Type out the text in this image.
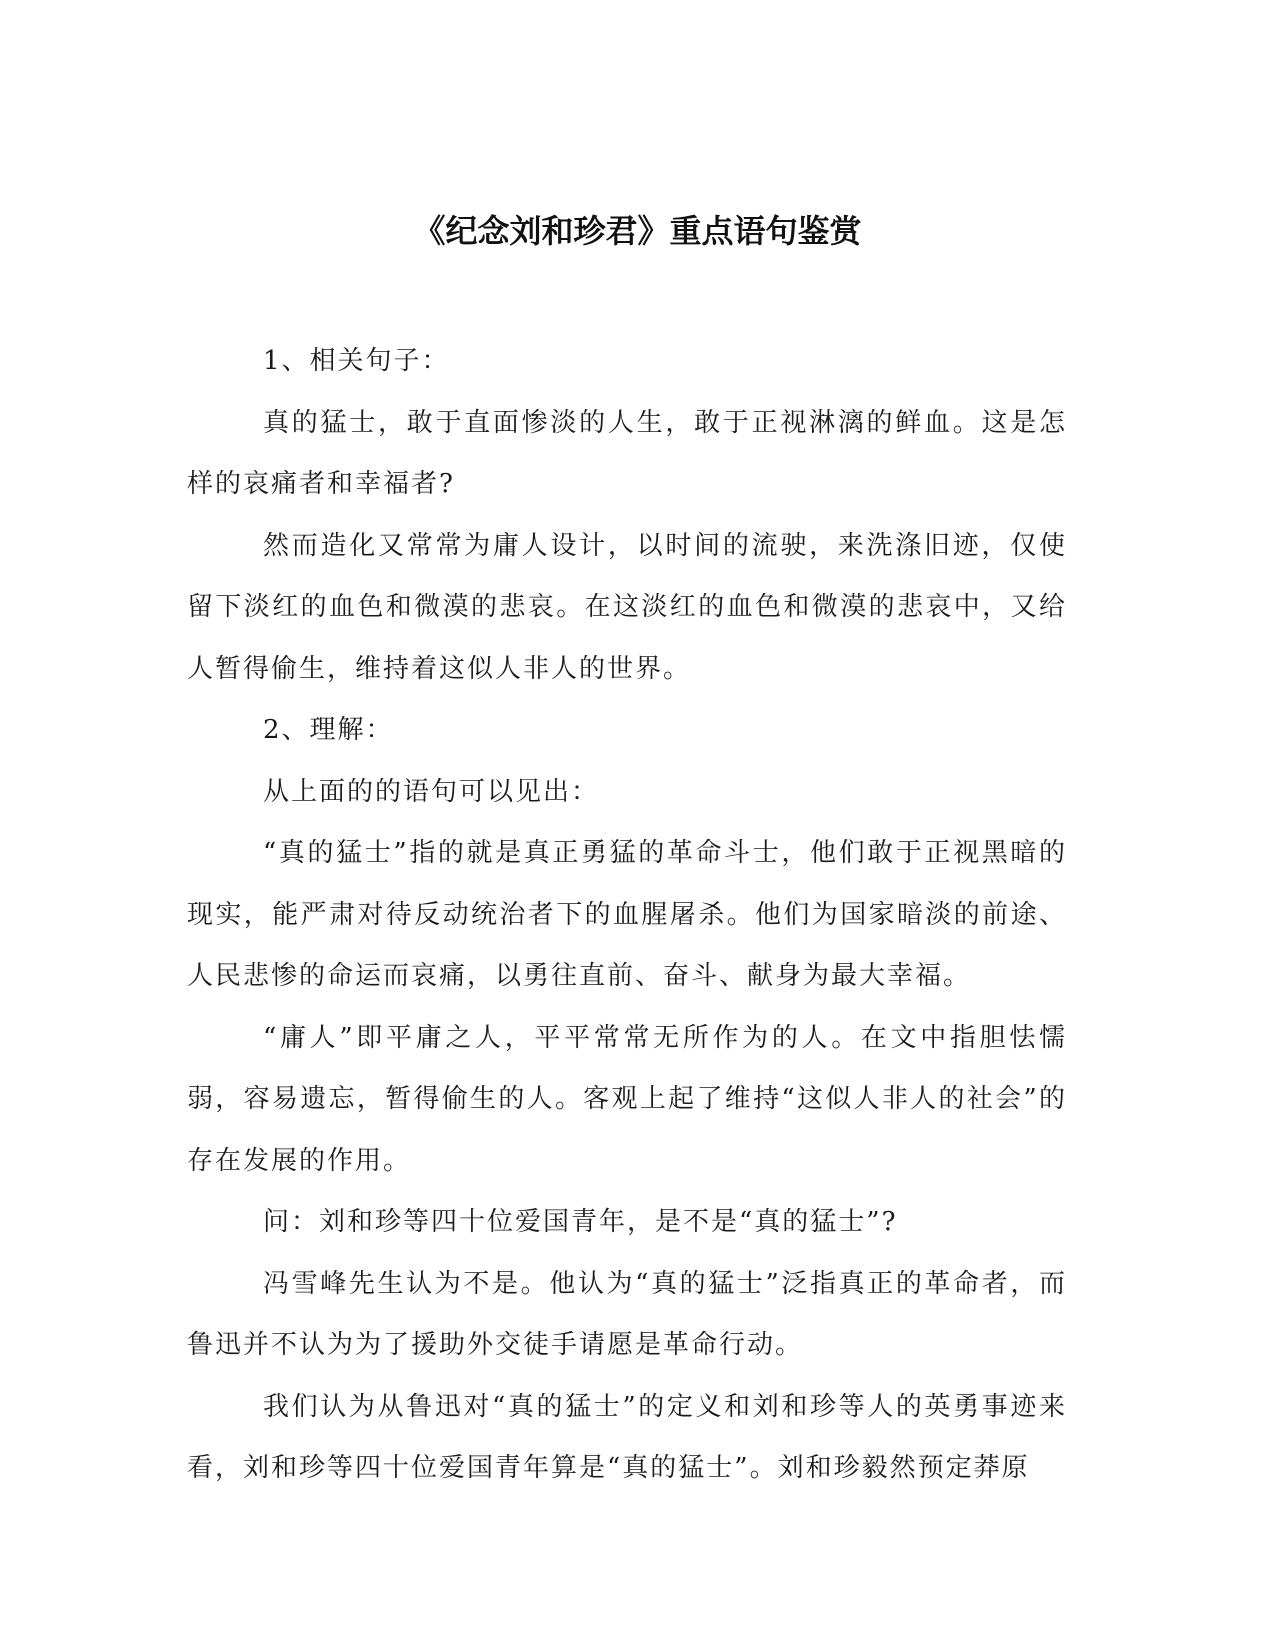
《纪念刘和珍君》重点语句鉴赏

1、相关句子：

真的猛士，敢于直面惨淡的人生，敢于正视淋漓的鲜血。这是怎样的哀痛者和幸福者?

然而造化又常常为庸人设计，以时间的流驶，来洗涤旧迹，仅使留下淡红的血色和微漠的悲哀。在这淡红的血色和微漠的悲哀中，又给人暂得偷生，维持着这似人非人的世界。

2、理解：

从上面的的语句可以见出：

“真的猛士”指的就是真正勇猛的革命斗士，他们敢于正视黑暗的现实，能严肃对待反动统治者下的血腥屠杀。他们为国家暗淡的前途、人民悲惨的命运而哀痛，以勇往直前、奋斗、献身为最大幸福。

“庸人”即平庸之人，平平常常无所作为的人。在文中指胆怯懦弱，容易遗忘，暂得偷生的人。客观上起了维持“这似人非人的社会”的存在发展的作用。

问：刘和珍等四十位爱国青年，是不是“真的猛士”?

冯雪峰先生认为不是。他认为“真的猛士”泛指真正的革命者，而鲁迅并不认为为了援助外交徒手请愿是革命行动。

我们认为从鲁迅对“真的猛士”的定义和刘和珍等人的英勇事迹来看，刘和珍等四十位爱国青年算是“真的猛士”。刘和珍毅然预定莽原
